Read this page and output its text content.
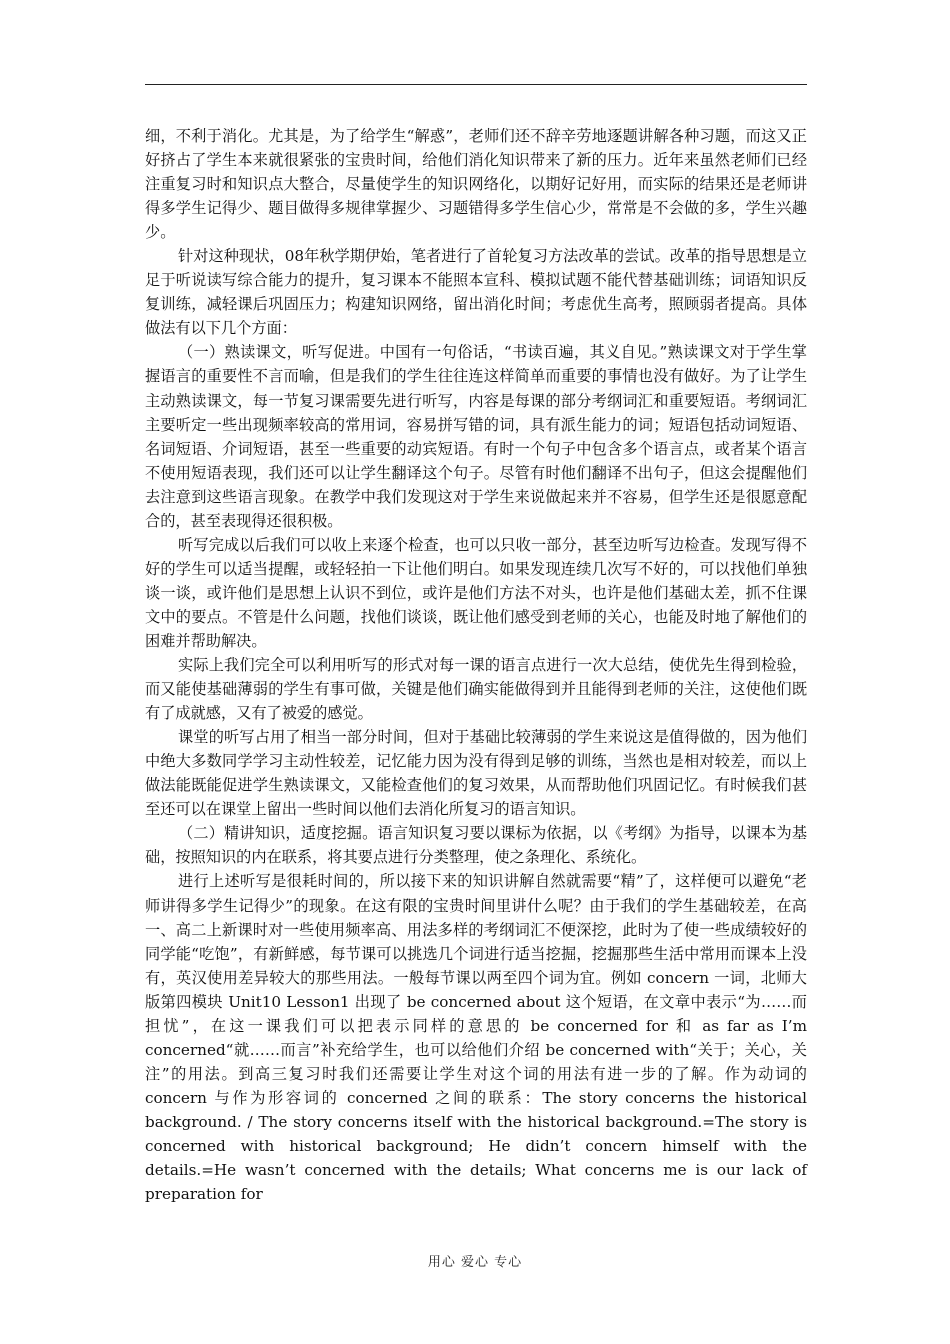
细，不利于消化。尤其是，为了给学生“解惑”，老师们还不辞辛劳地逐题讲解各种习题，而这又正好挤占了学生本来就很紧张的宝贵时间，给他们消化知识带来了新的压力。近年来虽然老师们已经注重复习时和知识点大整合，尽量使学生的知识网络化，以期好记好用，而实际的结果还是老师讲得多学生记得少、题目做得多规律掌握少、习题错得多学生信心少，常常是不会做的多，学生兴趣少。

针对这种现状，08年秋学期伊始，笔者进行了首轮复习方法改革的尝试。改革的指导思想是立足于听说读写综合能力的提升，复习课本不能照本宣科、模拟试题不能代替基础训练；词语知识反复训练，减轻课后巩固压力；构建知识网络，留出消化时间；考虑优生高考，照顾弱者提高。具体做法有以下几个方面：

（一）熟读课文，听写促进。中国有一句俗话，“书读百遍，其义自见。”熟读课文对于学生掌握语言的重要性不言而喻，但是我们的学生往往连这样简单而重要的事情也没有做好。为了让学生主动熟读课文，每一节复习课需要先进行听写，内容是每课的部分考纲词汇和重要短语。考纲词汇主要听定一些出现频率较高的常用词，容易拼写错的词，具有派生能力的词；短语包括动词短语、名词短语、介词短语，甚至一些重要的动宾短语。有时一个句子中包含多个语言点，或者某个语言不使用短语表现，我们还可以让学生翻译这个句子。尽管有时他们翻译不出句子，但这会提醒他们去注意到这些语言现象。在教学中我们发现这对于学生来说做起来并不容易，但学生还是很愿意配合的，甚至表现得还很积极。

听写完成以后我们可以收上来逐个检查，也可以只收一部分，甚至边听写边检查。发现写得不好的学生可以适当提醒，或轻轻拍一下让他们明白。如果发现连续几次写不好的，可以找他们单独谈一谈，或许他们是思想上认识不到位，或许是他们方法不对头，也许是他们基础太差，抓不住课文中的要点。不管是什么问题，找他们谈谈，既让他们感受到老师的关心，也能及时地了解他们的困难并帮助解决。

实际上我们完全可以利用听写的形式对每一课的语言点进行一次大总结，使优先生得到检验，而又能使基础薄弱的学生有事可做，关键是他们确实能做得到并且能得到老师的关注，这使他们既有了成就感，又有了被爱的感觉。

课堂的听写占用了相当一部分时间，但对于基础比较薄弱的学生来说这是值得做的，因为他们中绝大多数同学学习主动性较差，记忆能力因为没有得到足够的训练，当然也是相对较差，而以上做法能既能促进学生熟读课文，又能检查他们的复习效果，从而帮助他们巩固记忆。有时候我们甚至还可以在课堂上留出一些时间以他们去消化所复习的语言知识。

（二）精讲知识，适度挖掘。语言知识复习要以课标为依据，以《考纲》为指导，以课本为基础，按照知识的内在联系，将其要点进行分类整理，使之条理化、系统化。

进行上述听写是很耗时间的，所以接下来的知识讲解自然就需要“精”了，这样便可以避免“老师讲得多学生记得少”的现象。在这有限的宝贵时间里讲什么呢？由于我们的学生基础较差，在高一、高二上新课时对一些使用频率高、用法多样的考纲词汇不便深挖，此时为了使一些成绩较好的同学能“吃饱”，有新鲜感，每节课可以挑选几个词进行适当挖掘，挖掘那些生活中常用而课本上没有，英汉使用差异较大的那些用法。一般每节课以两至四个词为宜。例如 concern 一词，北师大版第四模块 Unit10 Lesson1 出现了 be concerned about 这个短语，在文章中表示“为……而担忧”，在这一课我们可以把表示同样的意思的 be concerned for 和 as far as I’m concerned“就……而言”补充给学生，也可以给他们介绍 be concerned with“关于；关心，关注”的用法。到高三复习时我们还需要让学生对这个词的用法有进一步的了解。作为动词的 concern 与作为形容词的 concerned 之间的联系：The story concerns the historical background. / The story concerns itself with the historical background.=The story is concerned with historical background; He didn’t concern himself with the details.=He wasn’t concerned with the details; What concerns me is our lack of preparation for

用心 爱心 专心
